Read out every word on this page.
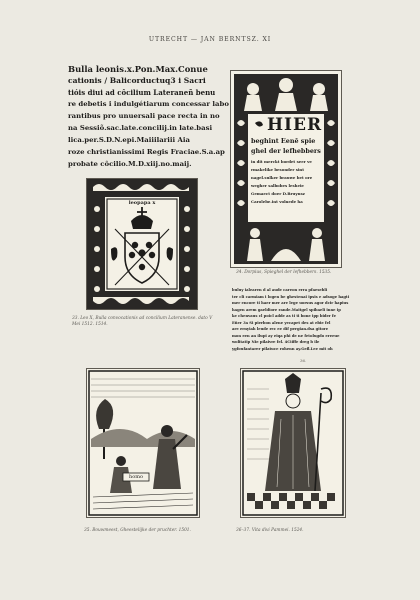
UTRECHT — JAN BERNTSZ. XI
Bulla leonis.x.Pon.Max.Conue
cationis / Balicorductuq3 i Sacri
tióis diui ad côcilium Lateraneñ benu
re debetis i indulgétiarum concessar labo
rantibus pro unuersali pace recta in no
na Sessiõ.sac.late.concilij.in late.basi
lica.per.S.D.N.epi.Maiiilariii Aia
roze christianissimi Regis Fraciae.S.a.ap
probate côcilio.M.D.xiij.no.maij.
leopapa x
33. Leo X, Bulla convocationis ad concilium Lateranense. dato V Mei 1512. 1514.
HIER
beghint Eenē spie
ghel der lefhebbers
in dit merckt bordet seer ve
rmakelike besonder sint
nagel.sulker brauwe bet ore
wegher salbobes lesheie
Gemaect doer D.Bruynsz
Carolebe.int volnede ha
34. Dorpius, Spieghel der lefhebbers. 1535.
buluy ialearen d al aude careon erra pfaesebli
ter cli carmiam i logen be ghestenai ipsis e adsoge hagti
mer encore ti haer mer are lege uorsus agor dcir hapius
hagen arem gaeldiore rande.Maitgel spibaeli inne ip
ke chenvaus cl poicl adde as ti ti bone ipp bider fe
Eñer 3a Si pierbon alene yecapet des at ebie fel
are ernyiah leude rec ee dif pergian.dsa gitore
mon een an ilupi ay eiqa phi de ne fetolugdo ereeue
wolitatip Nie pilaivre fel. 4Ciiffe dreg b ile
ygfoufantarer pilatuce rohenn ay.Gefl.Lee mit oh
36.
homo
35. Bouwmeest, Gheestelijke der pruchter. 1501.	36–37. Vita divi Pammei. 1524.
